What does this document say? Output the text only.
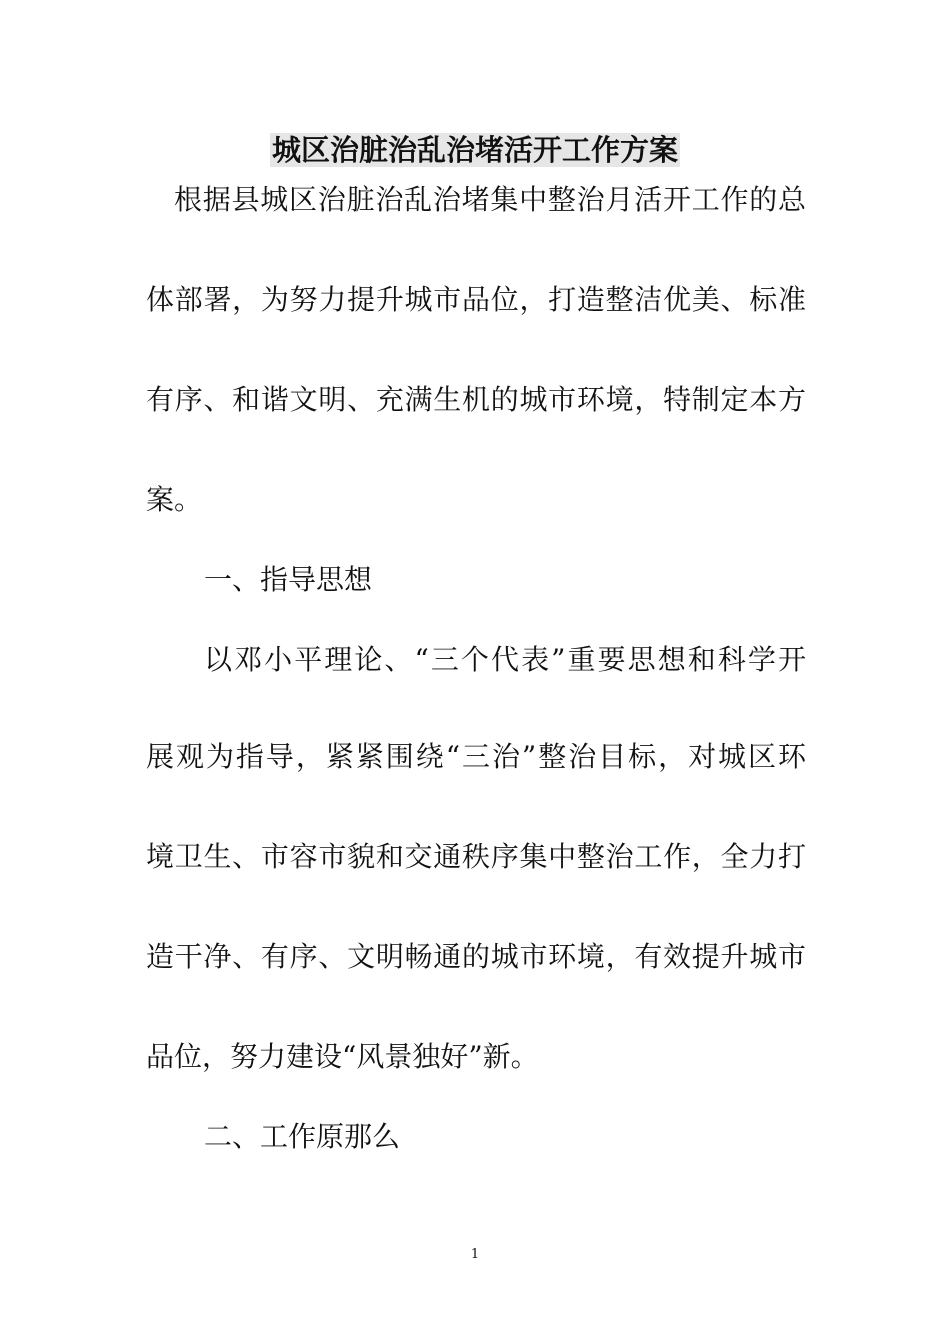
城区治脏治乱治堵活开工作方案
根据县城区治脏治乱治堵集中整治月活开工作的总
体部署，为努力提升城市品位，打造整洁优美、标准
有序、和谐文明、充满生机的城市环境，特制定本方
案。
一、指导思想
以邓小平理论、“三个代表”重要思想和科学开
展观为指导，紧紧围绕“三治”整治目标，对城区环
境卫生、市容市貌和交通秩序集中整治工作，全力打
造干净、有序、文明畅通的城市环境，有效提升城市
品位，努力建设“风景独好”新。
二、工作原那么
1
